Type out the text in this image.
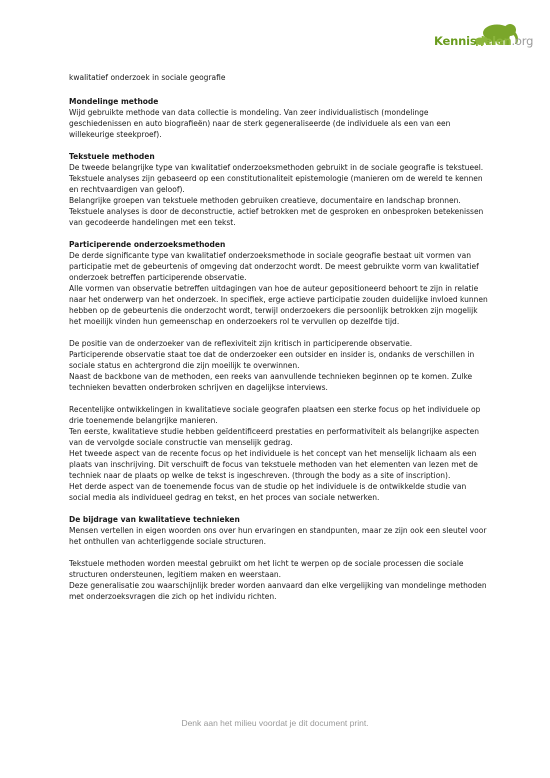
Kennisdelen.org
kwalitatief onderzoek in sociale geografie
Mondelinge methode

Wijd gebruikte methode van data collectie is mondeling. Van zeer individualistisch (mondelinge geschiedenissen en auto biografieën) naar de sterk gegeneraliseerde (de individuele als een van een willekeurige steekproef).

Tekstuele methoden

De tweede belangrijke type van kwalitatief onderzoeksmethoden gebruikt in de sociale geografie is tekstueel. Tekstuele analyses zijn gebaseerd op een constitutionaliteit epistemologie (manieren om de wereld te kennen en rechtvaardigen van geloof).

Belangrijke groepen van tekstuele methoden gebruiken creatieve, documentaire en landschap bronnen.

Tekstuele analyses is door de deconstructie, actief betrokken met de gesproken en onbesproken betekenissen van gecodeerde handelingen met een tekst.

Participerende onderzoeksmethoden

De derde significante type van kwalitatief onderzoeksmethode in sociale geografie bestaat uit vormen van participatie met de gebeurtenis of omgeving dat onderzocht wordt. De meest gebruikte vorm van kwalitatief onderzoek betreffen participerende observatie.

Alle vormen van observatie betreffen uitdagingen van hoe de auteur gepositioneerd behoort te zijn in relatie naar het onderwerp van het onderzoek. In specifiek, erge actieve participatie zouden duidelijke invloed kunnen hebben op de gebeurtenis die onderzocht wordt, terwijl onderzoekers die persoonlijk betrokken zijn mogelijk het moeilijk vinden hun gemeenschap en onderzoekers rol te vervullen op dezelfde tijd.

De positie van de onderzoeker van de reflexiviteit zijn kritisch in participerende observatie.

Participerende observatie staat toe dat de onderzoeker een outsider en insider is, ondanks de verschillen in sociale status en achtergrond die zijn moeilijk te overwinnen.

Naast de backbone van de methoden, een reeks van aanvullende technieken beginnen op te komen. Zulke technieken bevatten onderbroken schrijven en dagelijkse interviews.

Recentelijke ontwikkelingen in kwalitatieve sociale geografen plaatsen een sterke focus op het individuele op drie toenemende belangrijke manieren.

Ten eerste, kwalitatieve studie hebben geïdentificeerd prestaties en performativiteit als belangrijke aspecten van de vervolgde sociale constructie van menselijk gedrag.

Het tweede aspect van de recente focus op het individuele is het concept van het menselijk lichaam als een plaats van inschrijving. Dit verschuift de focus van tekstuele methoden van het elementen van lezen met de techniek naar de plaats op welke de tekst is ingeschreven. (through the body as a site of inscription).

Het derde aspect van de toenemende focus van de studie op het individuele is de ontwikkelde studie van social media als individueel gedrag en tekst, en het proces van sociale netwerken.

De bijdrage van kwalitatieve technieken

Mensen vertellen in eigen woorden ons over hun ervaringen en standpunten, maar ze zijn ook een sleutel voor het onthullen van achterliggende sociale structuren.

Tekstuele methoden worden meestal gebruikt om het licht te werpen op de sociale processen die sociale structuren ondersteunen, legitiem maken en weerstaan.

Deze generalisatie zou waarschijnlijk breder worden aanvaard dan elke vergelijking van mondelinge methoden met onderzoeksvragen die zich op het individu richten.

Denk aan het milieu voordat je dit document print.
